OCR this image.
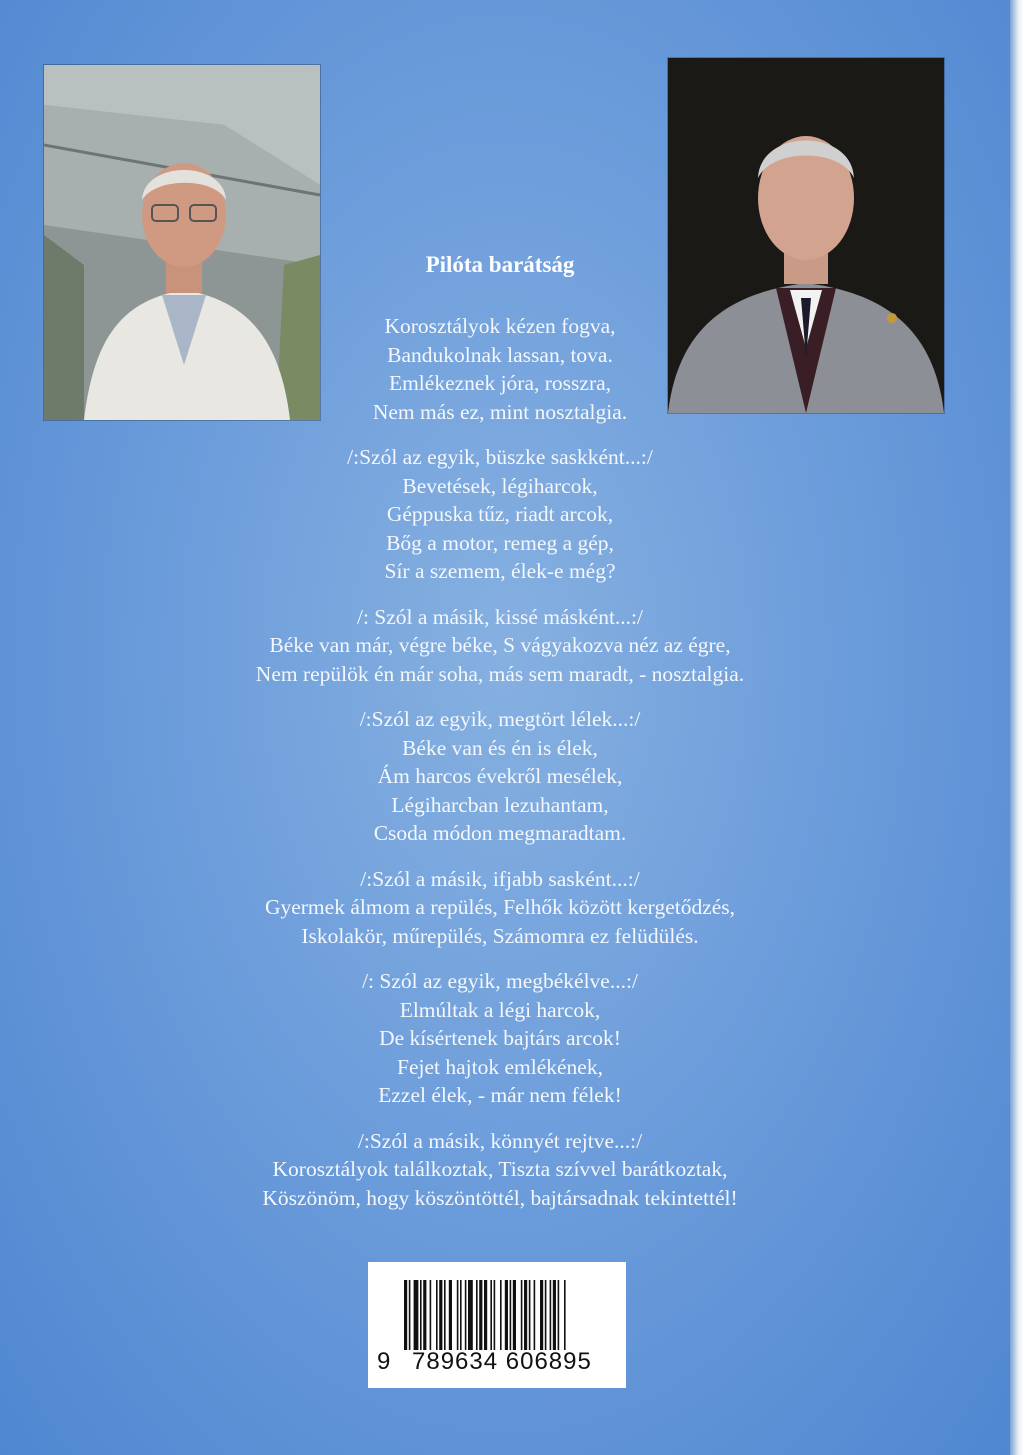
Pilóta barátság
Korosztályok kézen fogva,
Bandukolnak lassan, tova.
Emlékeznek jóra, rosszra,
Nem más ez, mint nosztalgia.
/:Szól az egyik, büszke saskként...:/
Bevetések, légiharcok,
Géppuska tűz, riadt arcok,
Bőg a motor, remeg a gép,
Sír a szemem, élek-e még?
/: Szól a másik, kissé másként...:/
Béke van már, végre béke, S vágyakozva néz az égre,
Nem repülök én már soha, más sem maradt, - nosztalgia.
/:Szól az egyik, megtört lélek...:/
Béke van és én is élek,
Ám harcos évekről mesélek,
Légiharcban lezuhantam,
Csoda módon megmaradtam.
/:Szól a másik, ifjabb sasként...:/
Gyermek álmom a repülés, Felhők között kergetődzés,
Iskolakör, műrepülés, Számomra ez felüdülés.
/: Szól az egyik, megbékélve...:/
Elmúltak a légi harcok,
De kísértenek bajtárs arcok!
Fejet hajtok emlékének,
Ezzel élek, - már nem félek!
/:Szól a másik, könnyét rejtve...:/
Korosztályok találkoztak, Tiszta szívvel barátkoztak,
Köszönöm, hogy köszöntöttél, bajtársadnak tekintettél!
9 789634 606895
